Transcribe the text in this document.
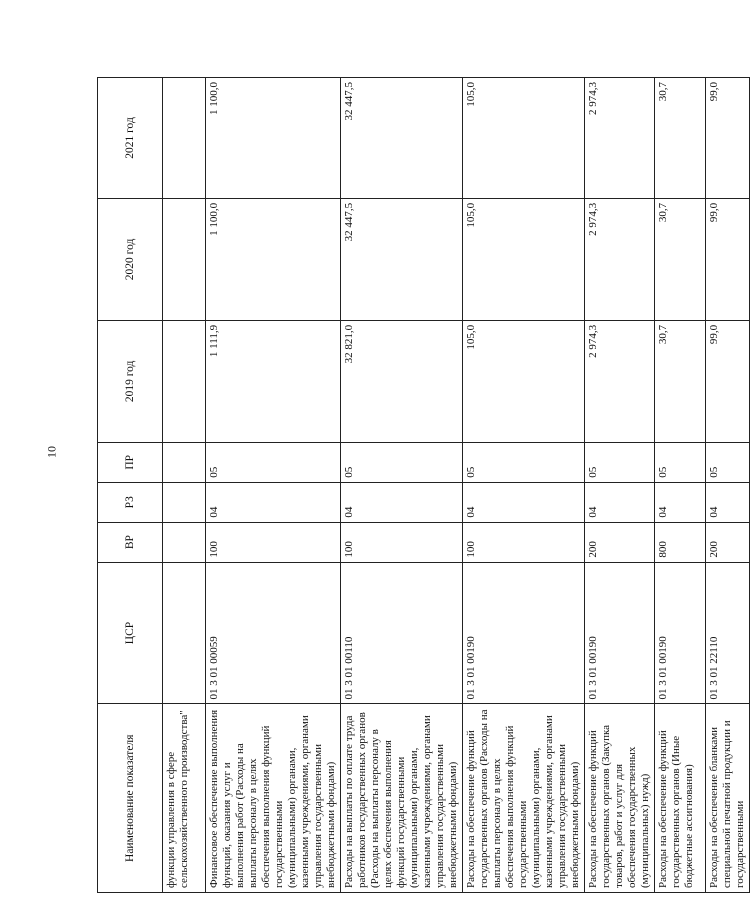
10
Наименование показателя	ЦСР	ВР	РЗ	ПР	2019 год	2020 год	2021 год
функции управления в сфере сельскохозяйственного производства"							
Финансовое обеспечение выполнения функций, оказания услуг и выполнения работ (Расходы на выплаты персоналу в целях обеспечения выполнения функций государственными (муниципальными) органами, казенными учреждениями, органами управления государственными внебюджетными фондами)	01 3 01 00059	100	04	05	1 111,9	1 100,0	1 100,0
Расходы на выплаты по оплате труда работников государственных органов (Расходы на выплаты персоналу в целях обеспечения выполнения функций государственными (муниципальными) органами, казенными учреждениями, органами управления государственными внебюджетными фондами)	01 3 01 00110	100	04	05	32 821,0	32 447,5	32 447,5
Расходы на обеспечение функций государственных органов (Расходы на выплаты персоналу в целях обеспечения выполнения функций государственными (муниципальными) органами, казенными учреждениями, органами управления государственными внебюджетными фондами)	01 3 01 00190	100	04	05	105,0	105,0	105,0
Расходы на обеспечение функций государственных органов (Закупка товаров, работ и услуг для обеспечения государственных (муниципальных) нужд)	01 3 01 00190	200	04	05	2 974,3	2 974,3	2 974,3
Расходы на обеспечение функций государственных органов (Иные бюджетные ассигнования)	01 3 01 00190	800	04	05	30,7	30,7	30,7
Расходы на обеспечение бланками специальной печатной продукции и государственными	01 3 01 22110	200	04	05	99,0	99,0	99,0
